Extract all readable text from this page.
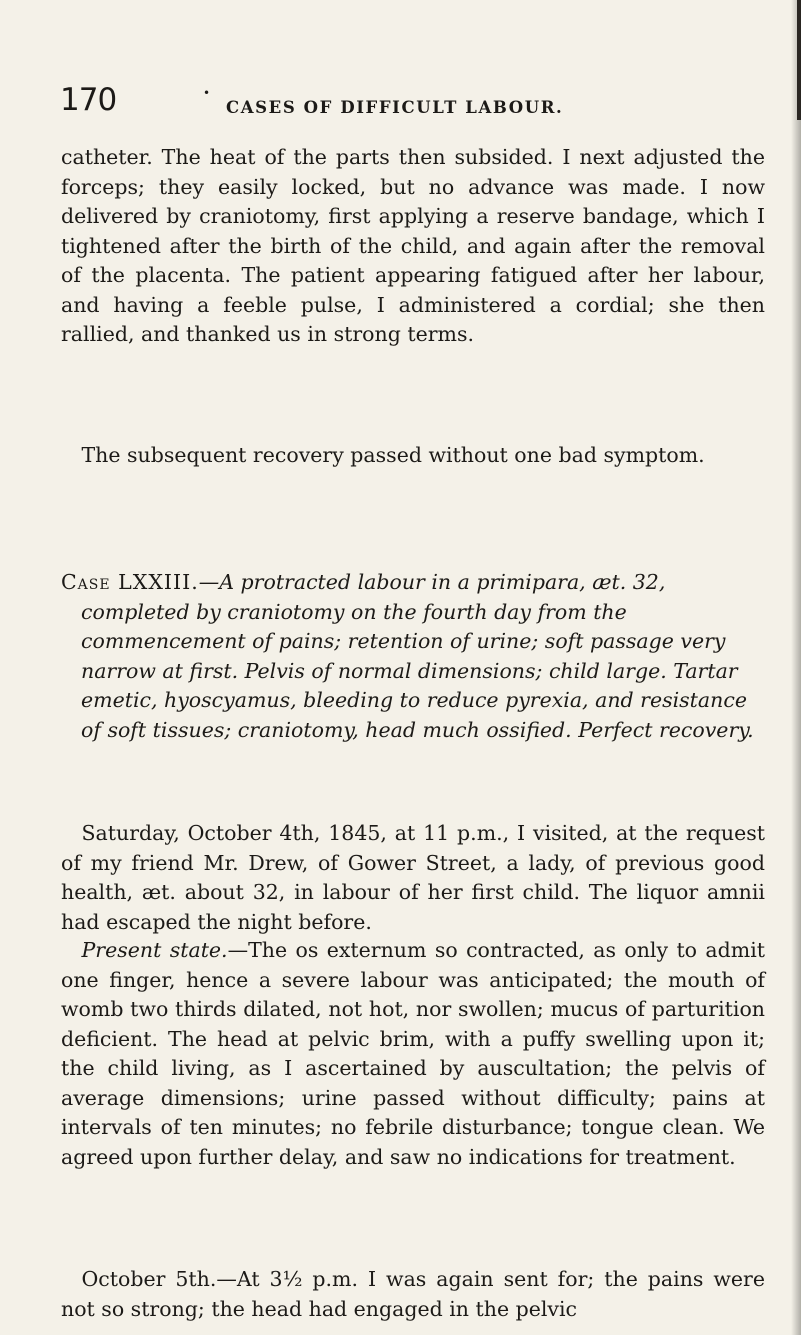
170	•
CASES OF DIFFICULT LABOUR.

catheter. The heat of the parts then subsided. I next adjusted the forceps; they easily locked, but no advance was made. I now delivered by craniotomy, first applying a reserve bandage, which I tightened after the birth of the child, and again after the removal of the placenta. The patient appearing fatigued after her labour, and having a feeble pulse, I administered a cordial; she then rallied, and thanked us in strong terms.

The subsequent recovery passed without one bad symptom.

Case LXXIII.—A protracted labour in a primipara, æt. 32, completed by craniotomy on the fourth day from the commencement of pains; retention of urine; soft passage very narrow at first. Pelvis of normal dimensions; child large. Tartar emetic, hyoscyamus, bleeding to reduce pyrexia, and resistance of soft tissues; craniotomy, head much ossified. Perfect recovery.

Saturday, October 4th, 1845, at 11 p.m., I visited, at the request of my friend Mr. Drew, of Gower Street, a lady, of previous good health, æt. about 32, in labour of her first child. The liquor amnii had escaped the night before.

Present state.—The os externum so contracted, as only to admit one finger, hence a severe labour was anticipated; the mouth of womb two thirds dilated, not hot, nor swollen; mucus of parturition deficient. The head at pelvic brim, with a puffy swelling upon it; the child living, as I ascertained by auscultation; the pelvis of average dimensions; urine passed without difficulty; pains at intervals of ten minutes; no febrile disturbance; tongue clean. We agreed upon further delay, and saw no indications for treatment.

October 5th.—At 3½ p.m. I was again sent for; the pains were not so strong; the head had engaged in the pelvic
